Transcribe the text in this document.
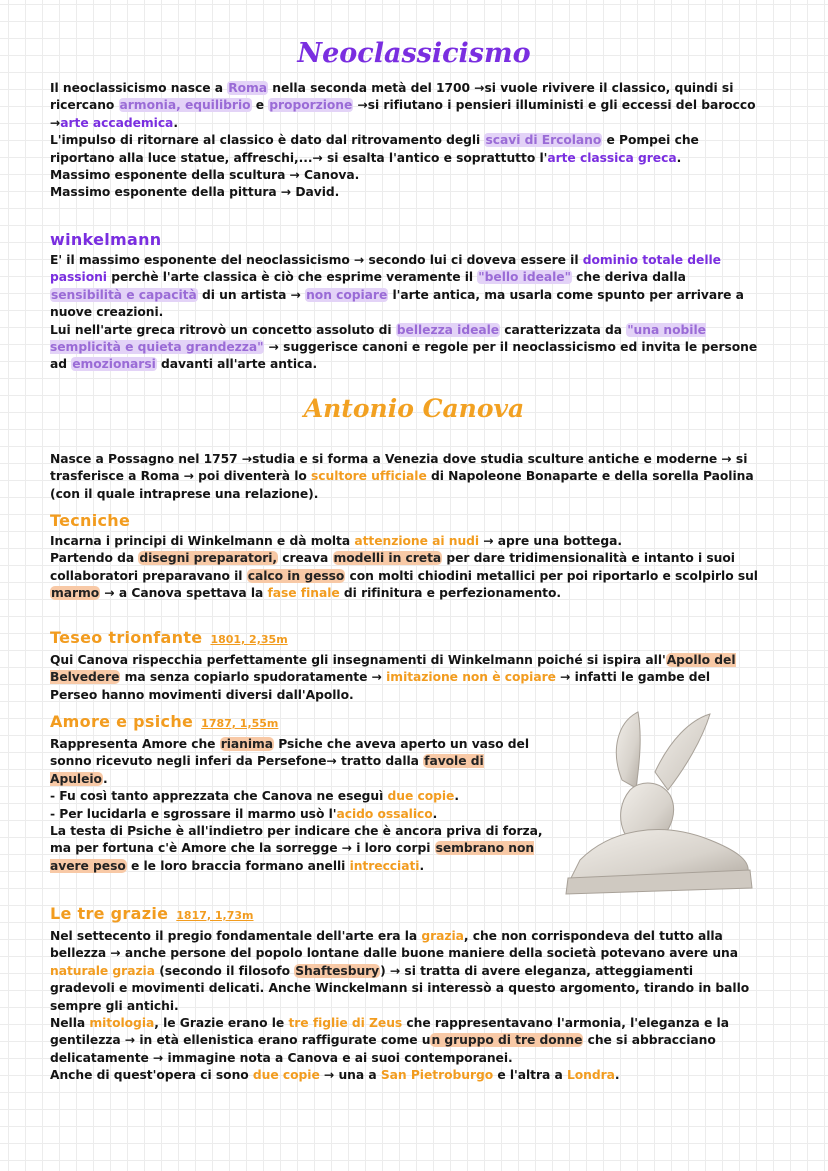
Neoclassicismo

Il neoclassicismo nasce a Roma nella seconda metà del 1700 →si vuole rivivere il classico, quindi si ricercano armonia, equilibrio e proporzione →si rifiutano i pensieri illuministi e gli eccessi del barocco →arte accademica.
L'impulso di ritornare al classico è dato dal ritrovamento degli scavi di Ercolano e Pompei che riportano alla luce statue, affreschi,...→ si esalta l'antico e soprattutto l'arte classica greca.
Massimo esponente della scultura → Canova.
Massimo esponente della pittura → David.

winkelmann

E' il massimo esponente del neoclassicismo → secondo lui ci doveva essere il dominio totale delle passioni perchè l'arte classica è ciò che esprime veramente il "bello ideale" che deriva dalla sensibilità e capacità di un artista → non copiare l'arte antica, ma usarla come spunto per arrivare a nuove creazioni.
Lui nell'arte greca ritrovò un concetto assoluto di bellezza ideale caratterizzata da "una nobile semplicità e quieta grandezza" → suggerisce canoni e regole per il neoclassicismo ed invita le persone ad emozionarsi davanti all'arte antica.

Antonio Canova

Nasce a Possagno nel 1757 →studia e si forma a Venezia dove studia sculture antiche e moderne → si trasferisce a Roma → poi diventerà lo scultore ufficiale di Napoleone Bonaparte e della sorella Paolina (con il quale intraprese una relazione).

Tecniche

Incarna i principi di Winkelmann e dà molta attenzione ai nudi → apre una bottega.
Partendo da disegni preparatori, creava modelli in creta per dare tridimensionalità e intanto i suoi collaboratori preparavano il calco in gesso con molti chiodini metallici per poi riportarlo e scolpirlo sul marmo → a Canova spettava la fase finale di rifinitura e perfezionamento.

Teseo trionfante 1801, 2,35m

Qui Canova rispecchia perfettamente gli insegnamenti di Winkelmann poiché si ispira all'Apollo del Belvedere ma senza copiarlo spudoratamente → imitazione non è copiare → infatti le gambe del Perseo hanno movimenti diversi dall'Apollo.

Amore e psiche 1787, 1,55m

Rappresenta Amore che rianima Psiche che aveva aperto un vaso del sonno ricevuto negli inferi da Persefone→ tratto dalla favole di Apuleio.
- Fu così tanto apprezzata che Canova ne eseguì due copie.
- Per lucidarla e sgrossare il marmo usò l'acido ossalico.
La testa di Psiche è all'indietro per indicare che è ancora priva di forza, ma per fortuna c'è Amore che la sorregge → i loro corpi sembrano non avere peso e le loro braccia formano anelli intrecciati.

Le tre grazie 1817, 1,73m

Nel settecento il pregio fondamentale dell'arte era la grazia, che non corrispondeva del tutto alla bellezza → anche persone del popolo lontane dalle buone maniere della società potevano avere una naturale grazia (secondo il filosofo Shaftesbury) → si tratta di avere eleganza, atteggiamenti gradevoli e movimenti delicati. Anche Winckelmann si interessò a questo argomento, tirando in ballo sempre gli antichi.
Nella mitologia, le Grazie erano le tre figlie di Zeus che rappresentavano l'armonia, l'eleganza e la gentilezza → in età ellenistica erano raffigurate come un gruppo di tre donne che si abbracciano delicatamente → immagine nota a Canova e ai suoi contemporanei.
Anche di quest'opera ci sono due copie → una a San Pietroburgo e l'altra a Londra.
